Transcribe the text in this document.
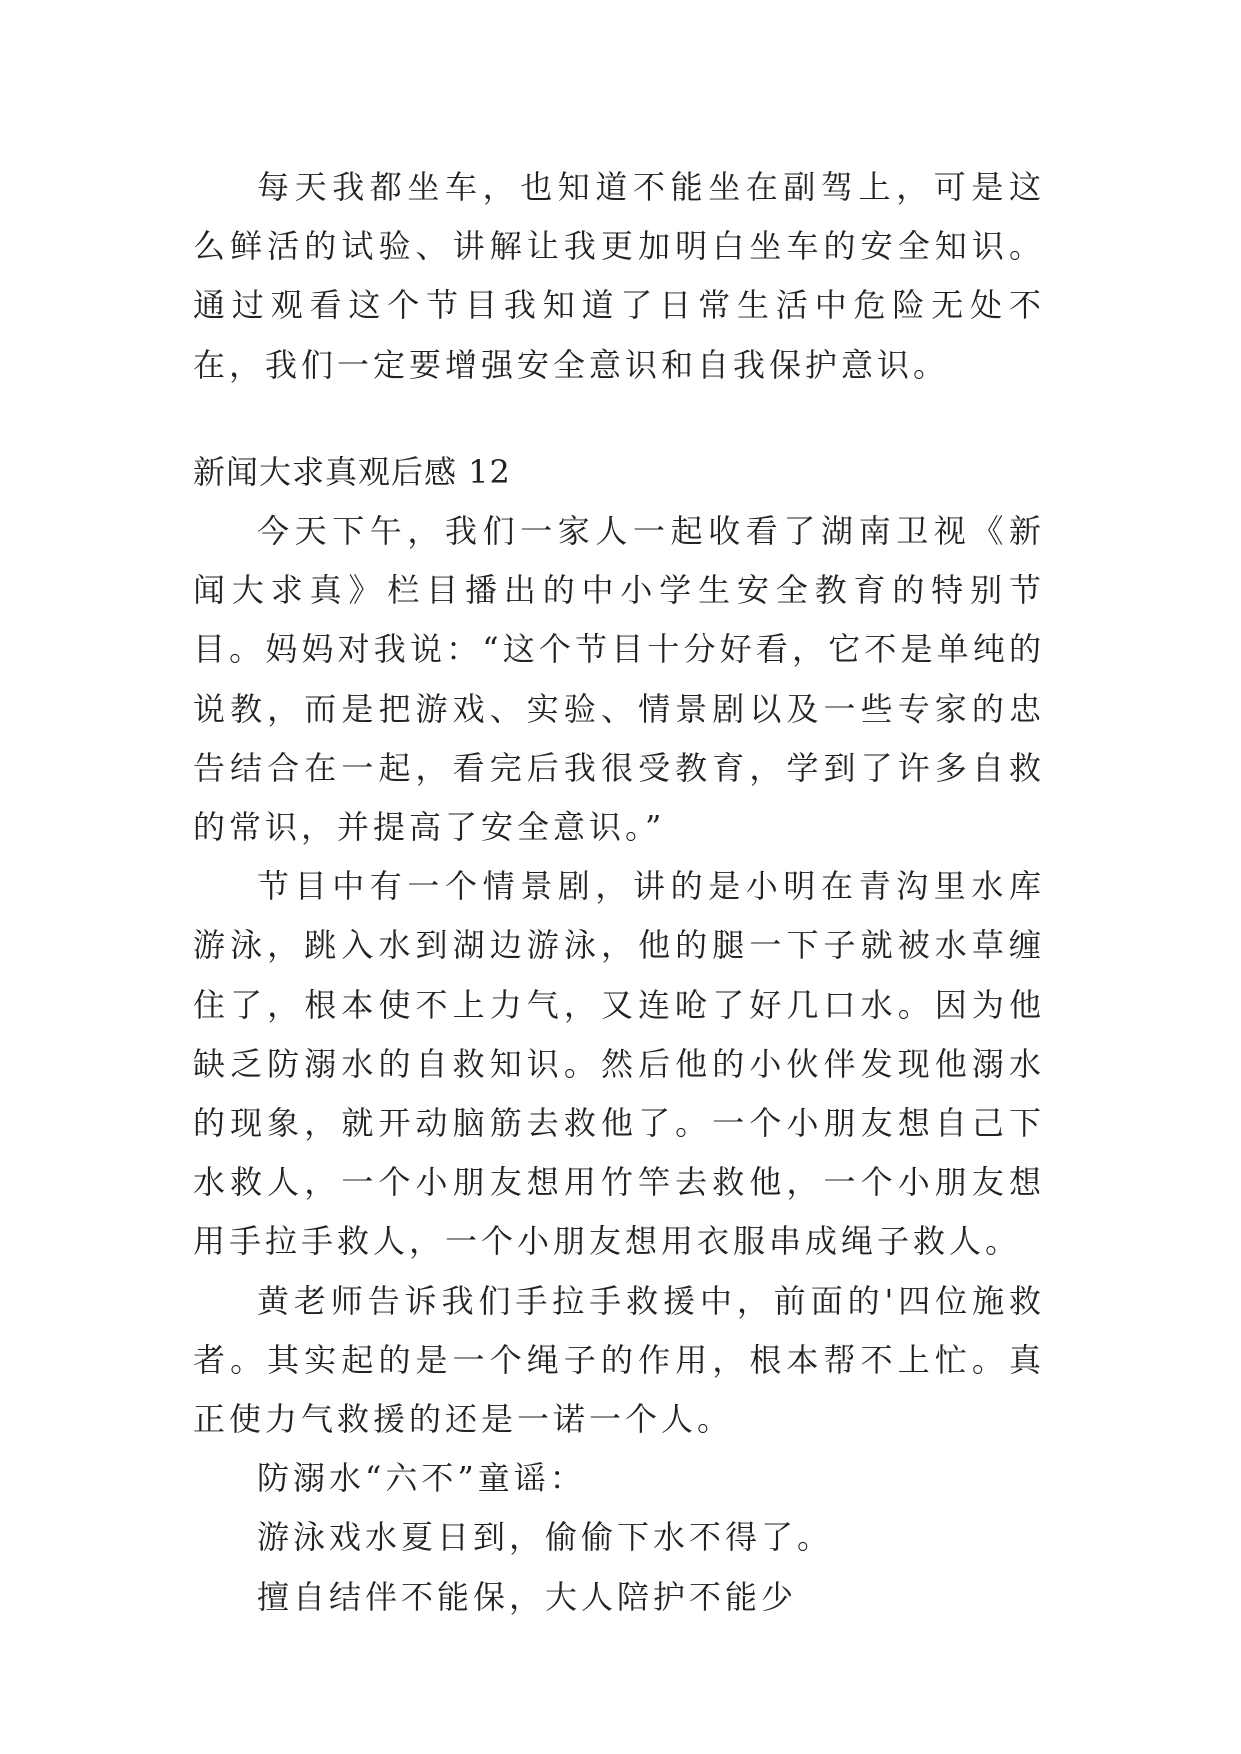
每天我都坐车，也知道不能坐在副驾上，可是这么鲜活的试验、讲解让我更加明白坐车的安全知识。通过观看这个节目我知道了日常生活中危险无处不在，我们一定要增强安全意识和自我保护意识。

新闻大求真观后感 12

今天下午，我们一家人一起收看了湖南卫视《新闻大求真》栏目播出的中小学生安全教育的特别节目。妈妈对我说：“这个节目十分好看，它不是单纯的说教，而是把游戏、实验、情景剧以及一些专家的忠告结合在一起，看完后我很受教育，学到了许多自救的常识，并提高了安全意识。”

节目中有一个情景剧，讲的是小明在青沟里水库游泳，跳入水到湖边游泳，他的腿一下子就被水草缠住了，根本使不上力气，又连呛了好几口水。因为他缺乏防溺水的自救知识。然后他的小伙伴发现他溺水的现象，就开动脑筋去救他了。一个小朋友想自己下水救人，一个小朋友想用竹竿去救他，一个小朋友想用手拉手救人，一个小朋友想用衣服串成绳子救人。

黄老师告诉我们手拉手救援中，前面的'四位施救者。其实起的是一个绳子的作用，根本帮不上忙。真正使力气救援的还是一诺一个人。

防溺水“六不”童谣：

游泳戏水夏日到，偷偷下水不得了。

擅自结伴不能保，大人陪护不能少
